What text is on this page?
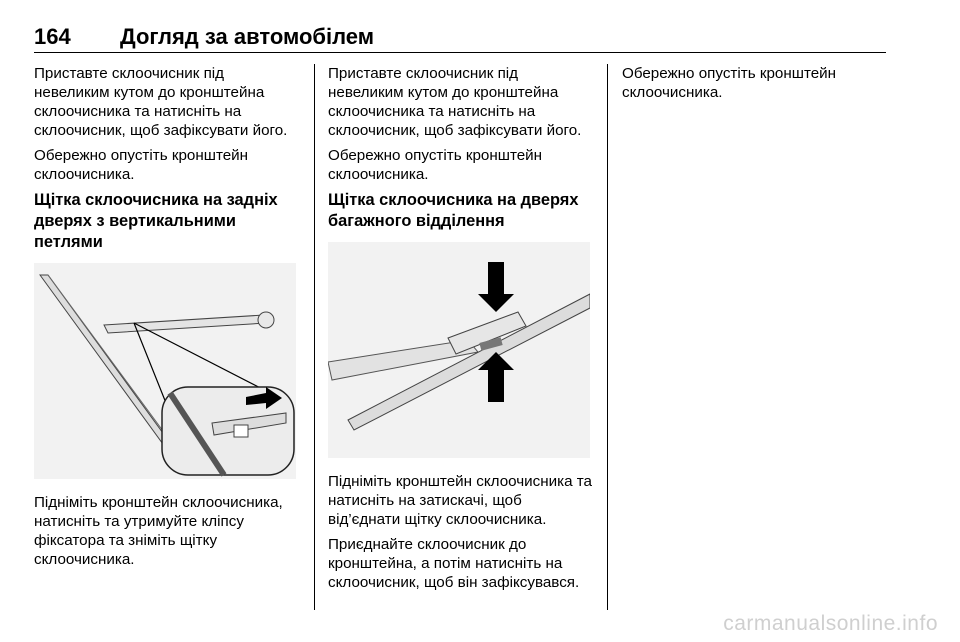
164 Догляд за автомобілем

Приставте склоочисник під невеликим кутом до кронштейна склоочисника та натисніть на склоочисник, щоб зафіксувати його.

Обережно опустіть кронштейн склоочисника.

Щітка склоочисника на задніх дверях з вертикальними петлями

Підніміть кронштейн склоочисника, натисніть та утримуйте кліпсу фіксатора та зніміть щітку склоочисника.

Приставте склоочисник під невеликим кутом до кронштейна склоочисника та натисніть на склоочисник, щоб зафіксувати його.

Обережно опустіть кронштейн склоочисника.

Щітка склоочисника на дверях багажного відділення

Підніміть кронштейн склоочисника та натисніть на затискачі, щоб від’єднати щітку склоочисника.

Приєднайте склоочисник до кронштейна, а потім натисніть на склоочисник, щоб він зафіксувався.

Обережно опустіть кронштейн склоочисника.

carmanualsonline.info
